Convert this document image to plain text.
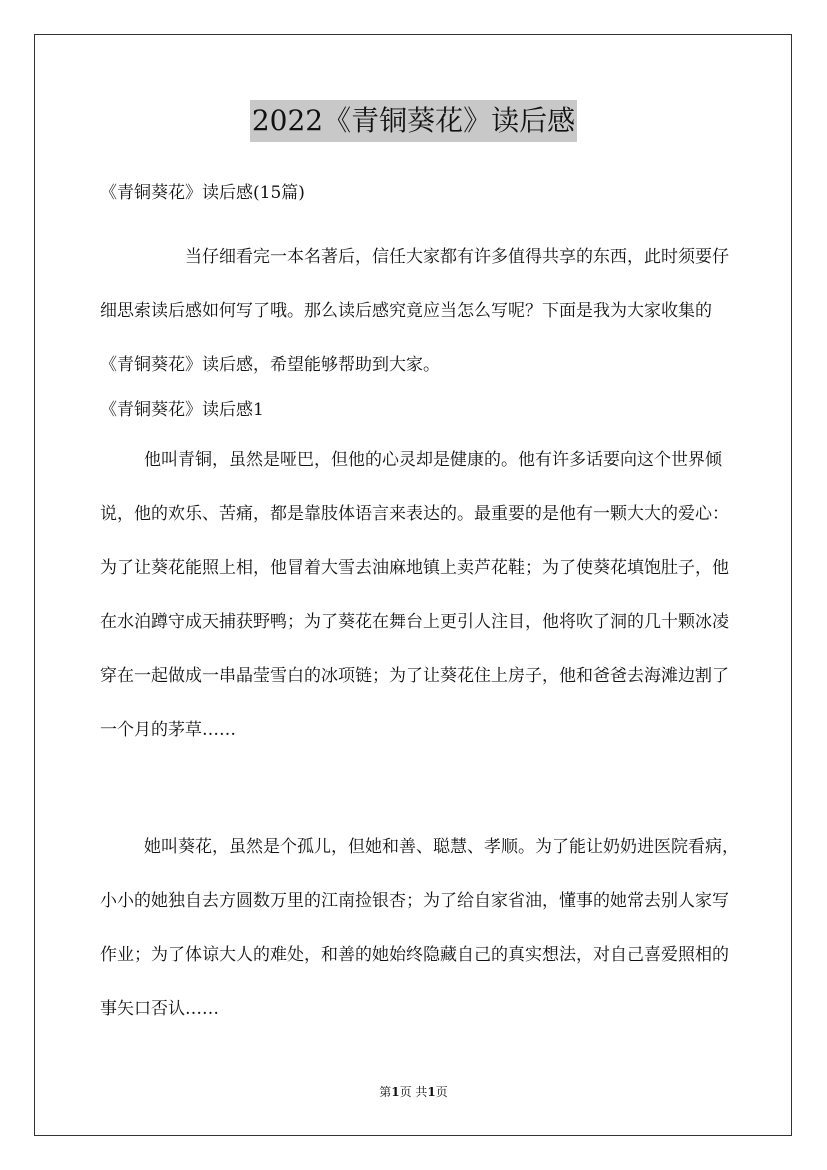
2022《青铜葵花》读后感
《青铜葵花》读后感(15篇)

当仔细看完一本名著后，信任大家都有许多值得共享的东西，此时须要仔细思索读后感如何写了哦。那么读后感究竟应当怎么写呢？下面是我为大家收集的《青铜葵花》读后感，希望能够帮助到大家。

《青铜葵花》读后感1

他叫青铜，虽然是哑巴，但他的心灵却是健康的。他有许多话要向这个世界倾说，他的欢乐、苦痛，都是靠肢体语言来表达的。最重要的是他有一颗大大的爱心：为了让葵花能照上相，他冒着大雪去油麻地镇上卖芦花鞋；为了使葵花填饱肚子，他在水泊蹲守成天捕获野鸭；为了葵花在舞台上更引人注目，他将吹了洞的几十颗冰凌穿在一起做成一串晶莹雪白的冰项链；为了让葵花住上房子，他和爸爸去海滩边割了一个月的茅草……

她叫葵花，虽然是个孤儿，但她和善、聪慧、孝顺。为了能让奶奶进医院看病，小小的她独自去方圆数万里的江南捡银杏；为了给自家省油，懂事的她常去别人家写作业；为了体谅大人的难处，和善的她始终隐藏自己的真实想法，对自己喜爱照相的事矢口否认……

第1页 共1页
